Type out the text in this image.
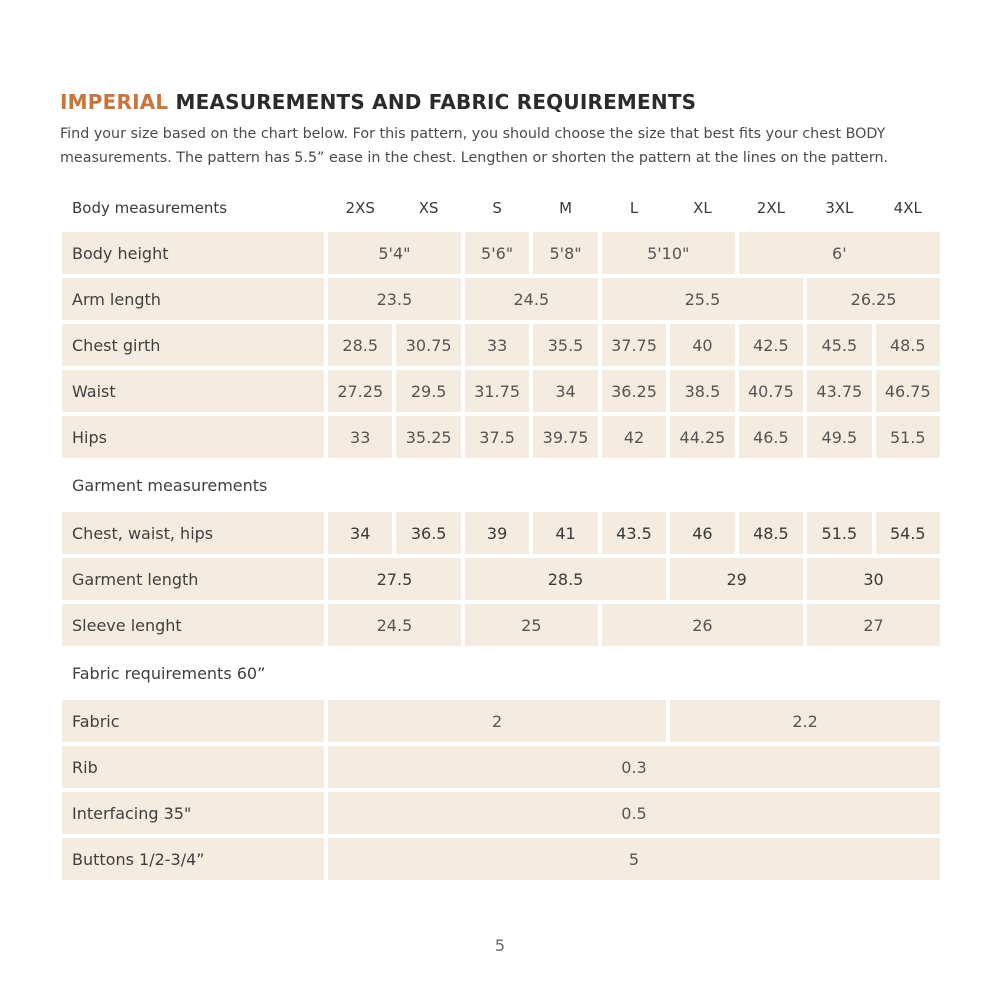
IMPERIAL MEASUREMENTS AND FABRIC REQUIREMENTS

Find your size based on the chart below. For this pattern, you should choose the size that best fits your chest BODY measurements. The pattern has 5.5” ease in the chest. Lengthen or shorten the pattern at the lines on the pattern.

Body measurements	2XS	XS	S	M	L	XL	2XL	3XL	4XL
Body height	5'4"	5'6"	5'8"	5'10"	6'
Arm length	23.5	24.5	25.5	26.25
Chest girth	28.5	30.75	33	35.5	37.75	40	42.5	45.5	48.5
Waist	27.25	29.5	31.75	34	36.25	38.5	40.75	43.75	46.75
Hips	33	35.25	37.5	39.75	42	44.25	46.5	49.5	51.5
Garment measurements
Chest, waist, hips	34	36.5	39	41	43.5	46	48.5	51.5	54.5
Garment length	27.5	28.5	29	30
Sleeve lenght	24.5	25	26	27
Fabric requirements 60”
Fabric	2	2.2
Rib	0.3
Interfacing 35"	0.5
Buttons 1/2-3/4”	5
5
